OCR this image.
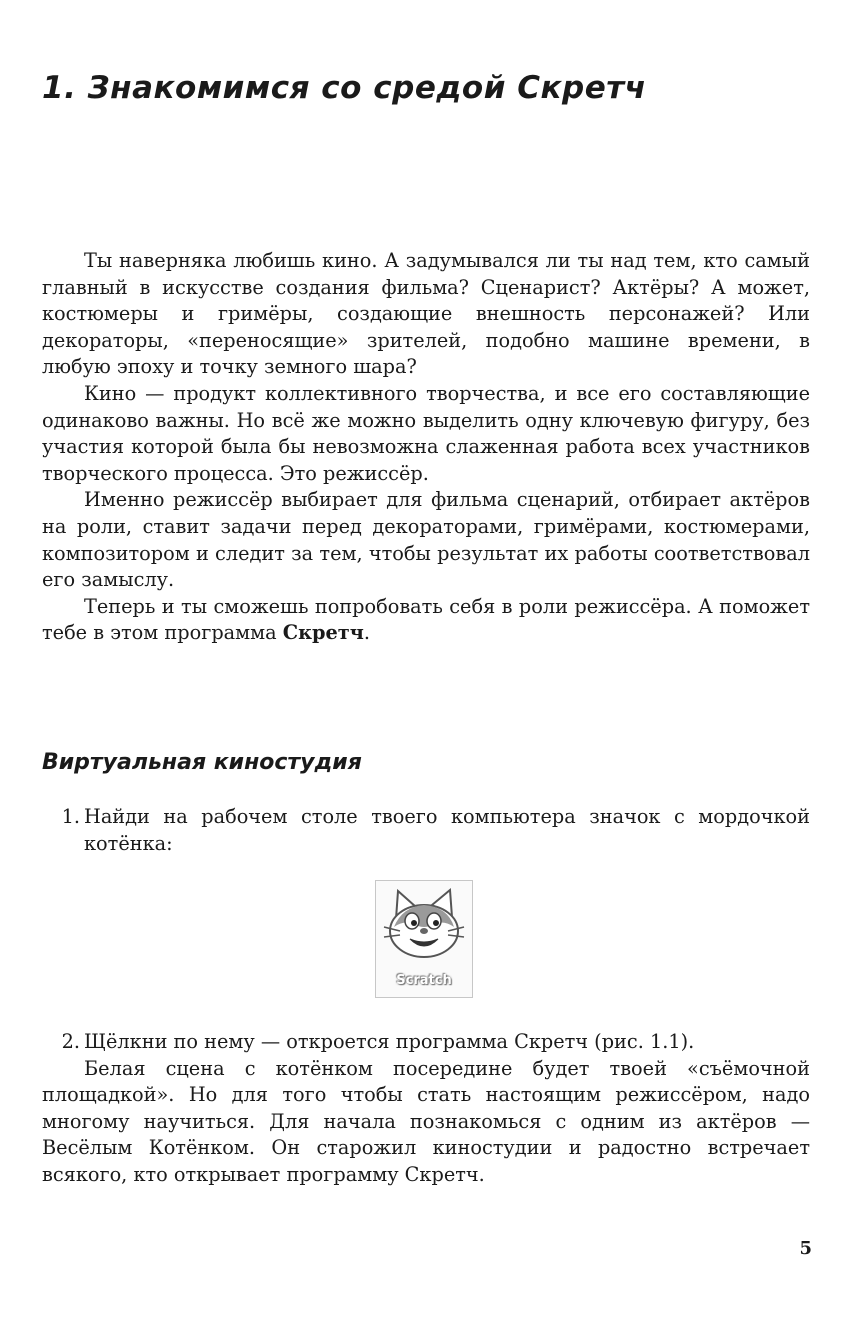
1. Знакомимся со средой Скретч

Ты наверняка любишь кино. А задумывался ли ты над тем, кто самый главный в искусстве создания фильма? Сценарист? Актёры? А может, костюмеры и гримёры, создающие внешность персонажей? Или декораторы, «переносящие» зрителей, подобно машине времени, в любую эпоху и точку земного шара?

Кино — продукт коллективного творчества, и все его составляющие одинаково важны. Но всё же можно выделить одну ключевую фигуру, без участия которой была бы невозможна слаженная работа всех участников творческого процесса. Это режиссёр.

Именно режиссёр выбирает для фильма сценарий, отбирает актёров на роли, ставит задачи перед декораторами, гримёрами, костюмерами, композитором и следит за тем, чтобы результат их работы соответствовал его замыслу.

Теперь и ты сможешь попробовать себя в роли режиссёра. А поможет тебе в этом программа Скретч.

Виртуальная киностудия

1. Найди на рабочем столе твоего компьютера значок с мордочкой котёнка:

Scratch

2. Щёлкни по нему — откроется программа Скретч (рис. 1.1).

Белая сцена с котёнком посередине будет твоей «съёмочной площадкой». Но для того чтобы стать настоящим режиссёром, надо многому научиться. Для начала познакомься с одним из актёров — Весёлым Котёнком. Он старожил киностудии и радостно встречает всякого, кто открывает программу Скретч.

5
